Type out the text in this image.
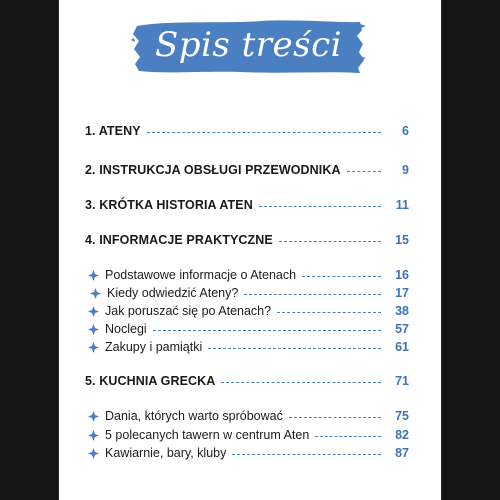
Spis treści
1. ATENY	6
2. INSTRUKCJA OBSŁUGI PRZEWODNIKA	9
3. KRÓTKA HISTORIA ATEN	11
4. INFORMACJE PRAKTYCZNE	15
Podstawowe informacje o Atenach	16
Kiedy odwiedzić Ateny?	17
Jak poruszać się po Atenach?	38
Noclegi	57
Zakupy i pamiątki	61
5. KUCHNIA GRECKA	71
Dania, których warto spróbować	75
5 polecanych tawern w centrum Aten	82
Kawiarnie, bary, kluby	87
